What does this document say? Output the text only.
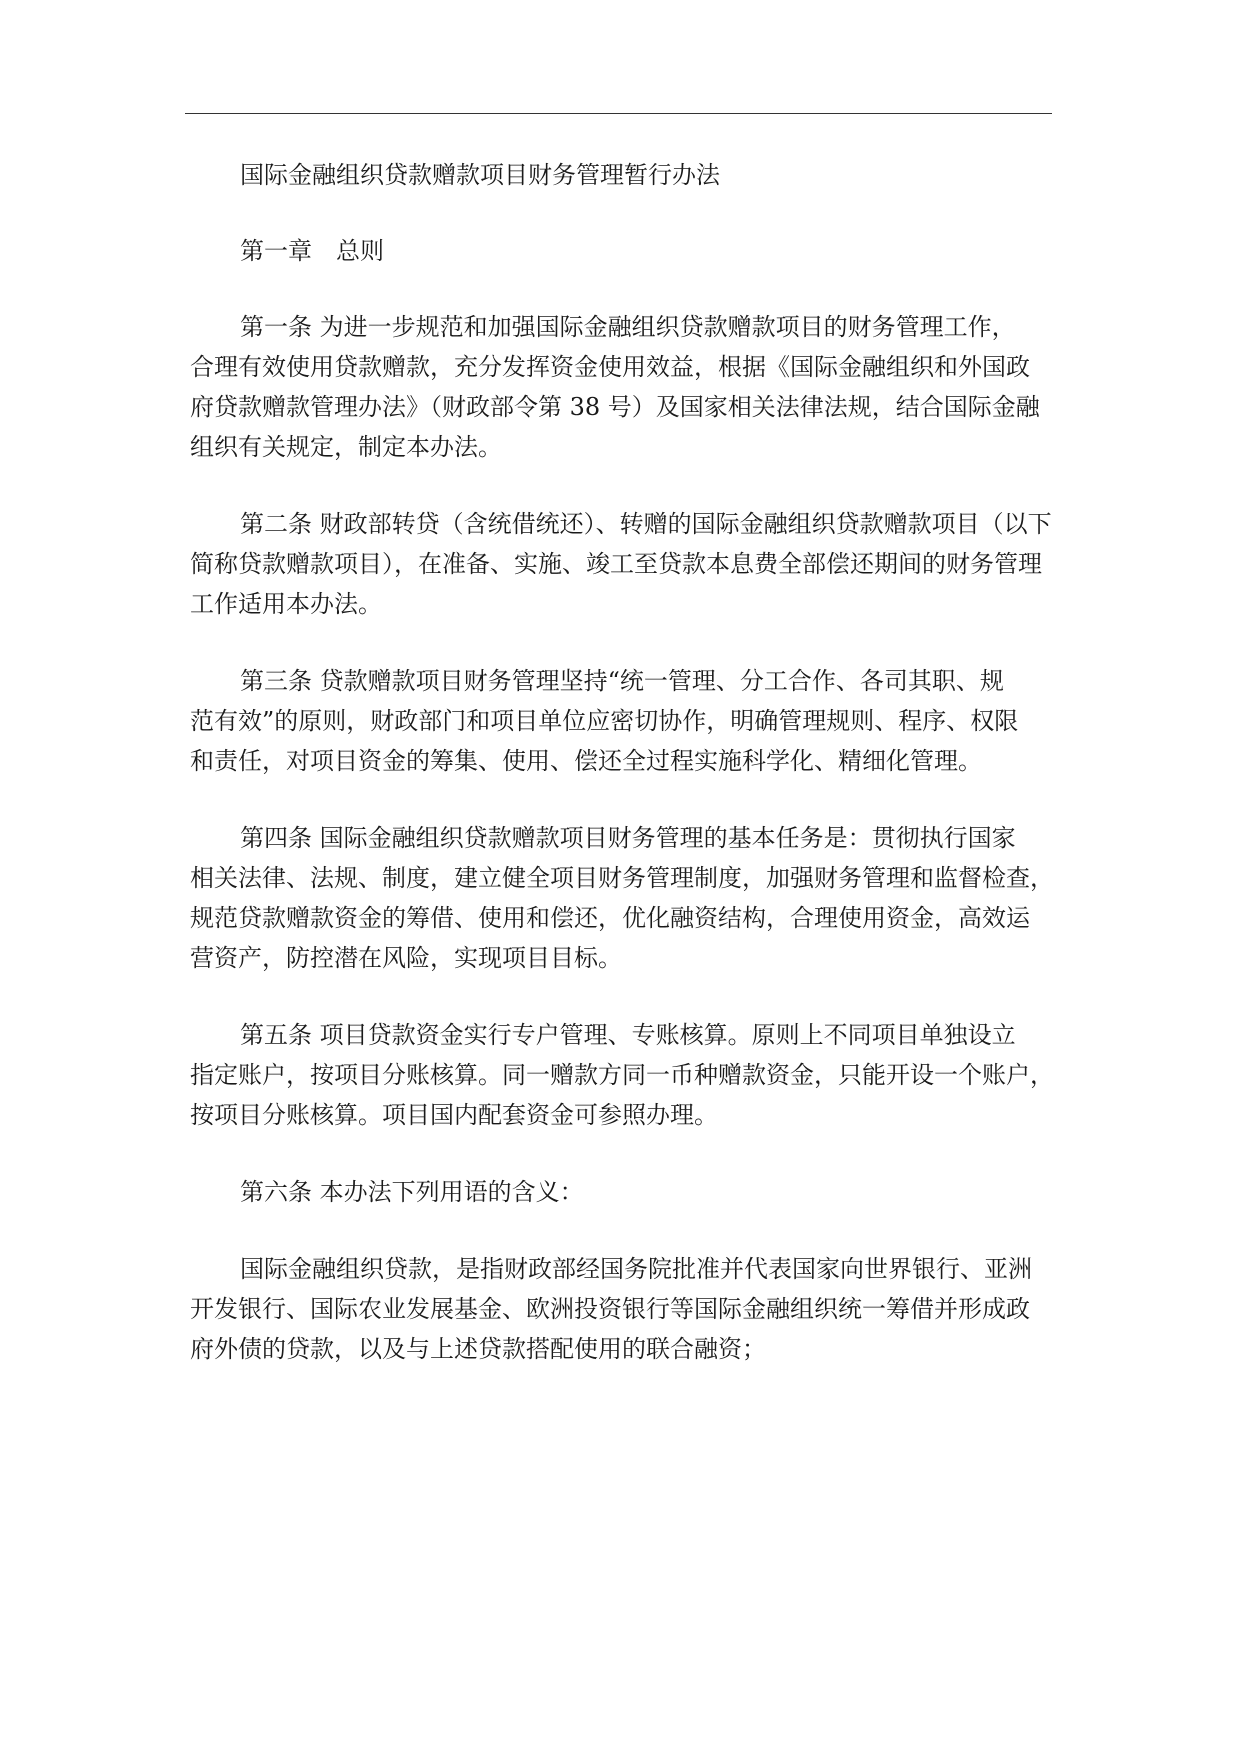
国际金融组织贷款赠款项目财务管理暂行办法

第一章　总则

第一条 为进一步规范和加强国际金融组织贷款赠款项目的财务管理工作，

合理有效使用贷款赠款，充分发挥资金使用效益，根据《国际金融组织和外国政

府贷款赠款管理办法》（财政部令第 38 号）及国家相关法律法规，结合国际金融

组织有关规定，制定本办法。

第二条 财政部转贷（含统借统还）、转赠的国际金融组织贷款赠款项目（以下

简称贷款赠款项目），在准备、实施、竣工至贷款本息费全部偿还期间的财务管理

工作适用本办法。

第三条 贷款赠款项目财务管理坚持“统一管理、分工合作、各司其职、规

范有效”的原则，财政部门和项目单位应密切协作，明确管理规则、程序、权限

和责任，对项目资金的筹集、使用、偿还全过程实施科学化、精细化管理。

第四条 国际金融组织贷款赠款项目财务管理的基本任务是：贯彻执行国家

相关法律、法规、制度，建立健全项目财务管理制度，加强财务管理和监督检查，

规范贷款赠款资金的筹借、使用和偿还，优化融资结构，合理使用资金，高效运

营资产，防控潜在风险，实现项目目标。

第五条 项目贷款资金实行专户管理、专账核算。原则上不同项目单独设立

指定账户，按项目分账核算。同一赠款方同一币种赠款资金，只能开设一个账户，

按项目分账核算。项目国内配套资金可参照办理。

第六条 本办法下列用语的含义：

国际金融组织贷款，是指财政部经国务院批准并代表国家向世界银行、亚洲

开发银行、国际农业发展基金、欧洲投资银行等国际金融组织统一筹借并形成政

府外债的贷款，以及与上述贷款搭配使用的联合融资；
